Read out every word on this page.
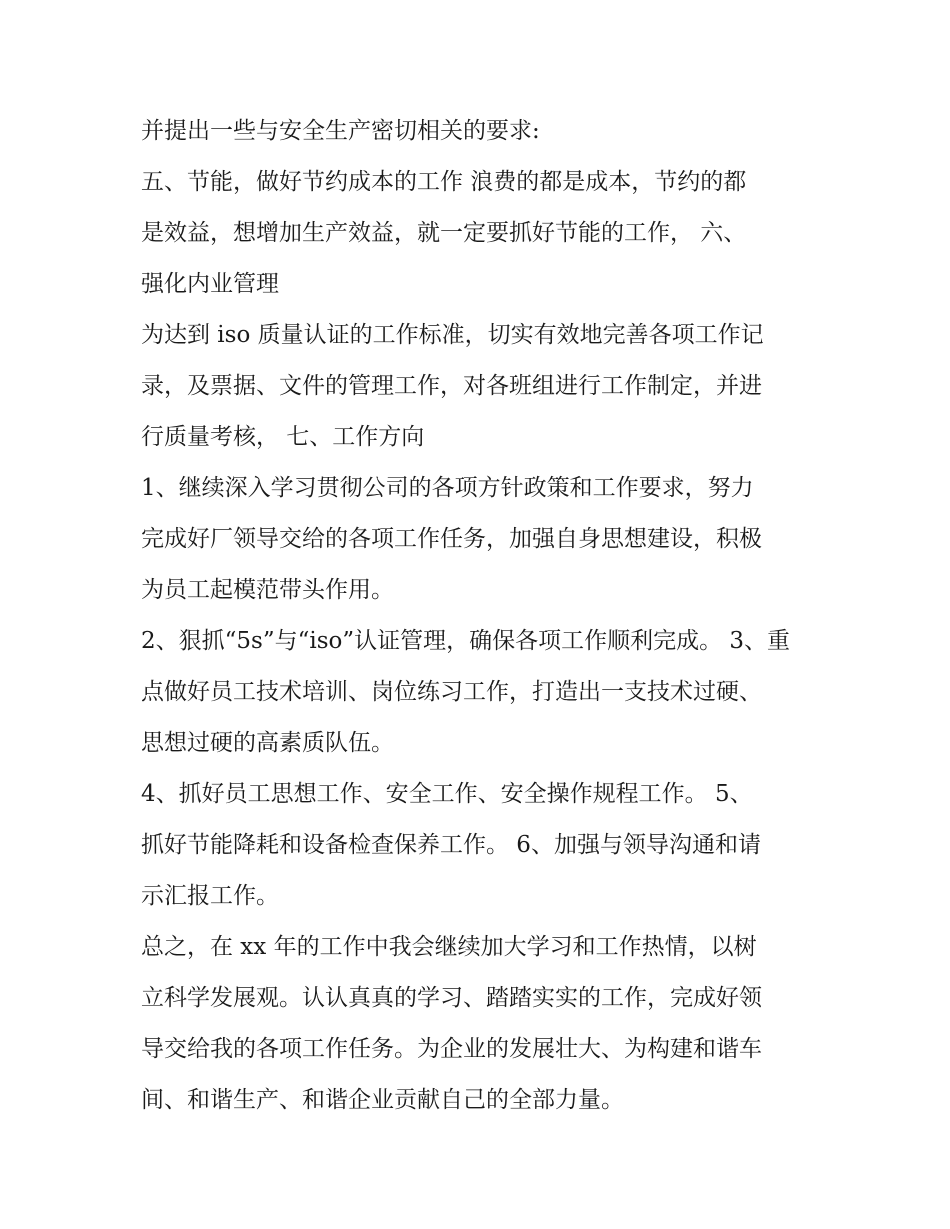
并提出一些与安全生产密切相关的要求:
五、节能，做好节约成本的工作 浪费的都是成本，节约的都
是效益，想增加生产效益，就一定要抓好节能的工作， 六、
强化内业管理
为达到 iso 质量认证的工作标准，切实有效地完善各项工作记
录，及票据、文件的管理工作，对各班组进行工作制定，并进
行质量考核， 七、工作方向
1、继续深入学习贯彻公司的各项方针政策和工作要求，努力
完成好厂领导交给的各项工作任务，加强自身思想建设，积极
为员工起模范带头作用。
2、狠抓“5s”与“iso”认证管理，确保各项工作顺利完成。 3、重
点做好员工技术培训、岗位练习工作，打造出一支技术过硬、
思想过硬的高素质队伍。
4、抓好员工思想工作、安全工作、安全操作规程工作。 5、
抓好节能降耗和设备检查保养工作。 6、加强与领导沟通和请
示汇报工作。
总之，在 xx 年的工作中我会继续加大学习和工作热情，以树
立科学发展观。认认真真的学习、踏踏实实的工作，完成好领
导交给我的各项工作任务。为企业的发展壮大、为构建和谐车
间、和谐生产、和谐企业贡献自己的全部力量。
